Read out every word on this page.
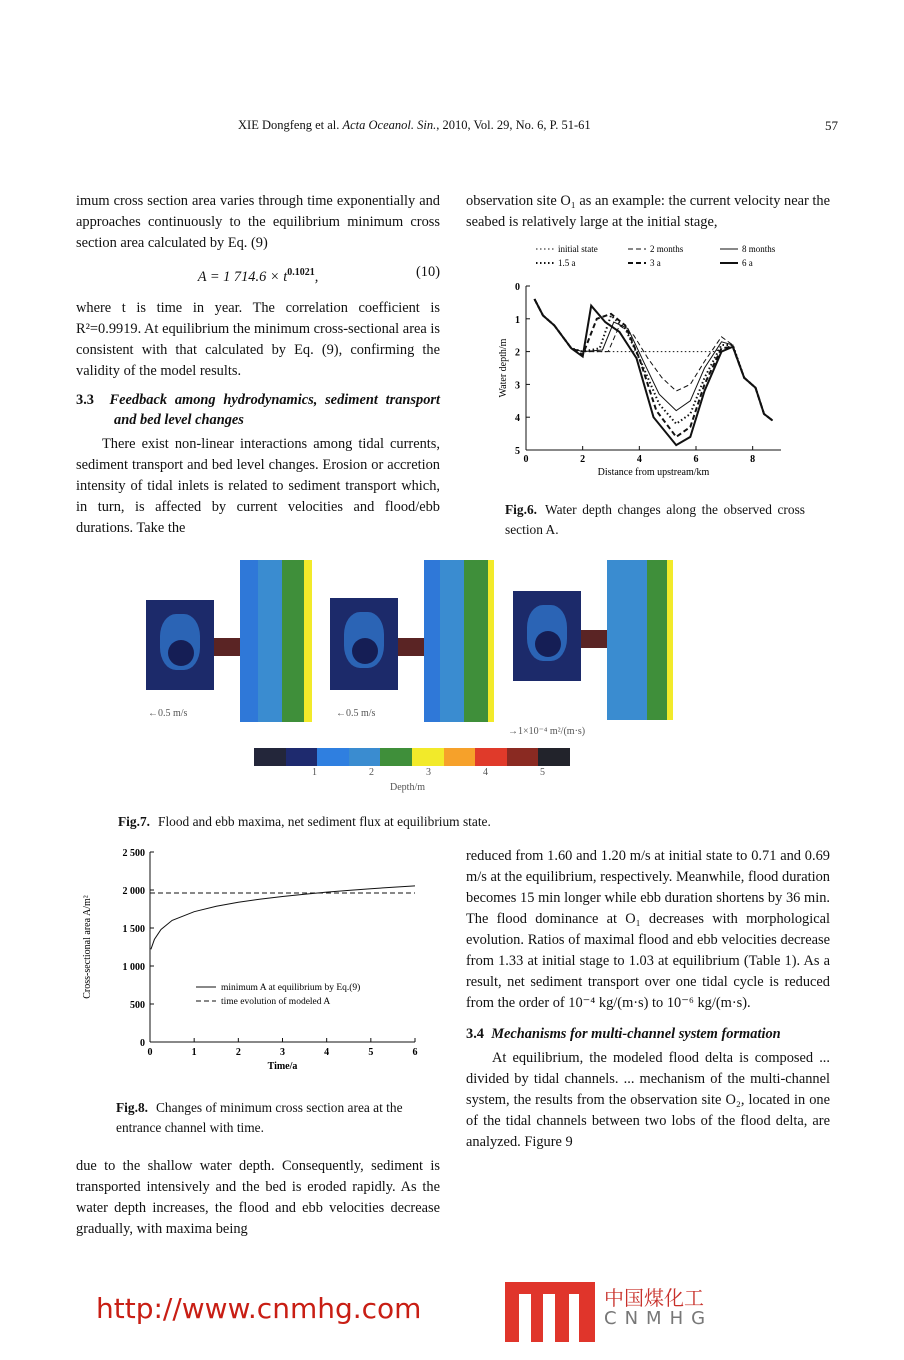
XIE Dongfeng et al. Acta Oceanol. Sin., 2010, Vol. 29, No. 6, P. 51-61	57

imum cross section area varies through time exponentially and approaches continuously to the equilibrium minimum cross section area calculated by Eq. (9)

A = 1 $714.6 \times t^{0.1021}$,	(10)

where t is time in year. The correlation coefficient is R²=0.9919. At equilibrium the minimum cross-sectional area is consistent with that calculated by Eq. (9), confirming the validity of the model results.

3.3 Feedback among hydrodynamics, sediment transport and bed level changes

There exist non-linear interactions among tidal currents, sediment transport and bed level changes. Erosion or accretion intensity of tidal inlets is related to sediment transport which, in turn, is affected by current velocities and flood/ebb durations. Take the

observation site O₁ as an example: the current velocity near the seabed is relatively large at the initial stage,

0
1
2
3
4
5
0	2	4	6	8
Distance from upstream/km
Water depth/m
initial state	2 months	8 months
1.5 a	3 a	6 a
Fig.6. Water depth changes along the observed cross section A.
←0.5 m/s	←0.5 m/s
→1×10⁻⁴ m²/(m·s)
1	2	3	4	5
Depth/m
Fig.7. Flood and ebb maxima, net sediment flux at equilibrium state.
0
500
1 000
1 500
2 000
2 500
0	1	2	3	4	5	6
Time/a
Cross-sectional area A/m²	minimum A at equilibrium by Eq.(9)
time evolution of modeled A
Fig.8. Changes of minimum cross section area at the entrance channel with time.

due to the shallow water depth. Consequently, sediment is transported intensively and the bed is eroded rapidly. As the water depth increases, the flood and ebb velocities decrease gradually, with maxima being

reduced from 1.60 and 1.20 m/s at initial state to 0.71 and 0.69 m/s at the equilibrium, respectively. Meanwhile, flood duration becomes 15 min longer while ebb duration shortens by 36 min. The flood dominance at O₁ decreases with morphological evolution. Ratios of maximal flood and ebb velocities decrease from 1.33 at initial stage to 1.03 at equilibrium (Table 1). As a result, net sediment transport over one tidal cycle is reduced from the order of 10⁻⁴ kg/(m·s) to 10⁻⁶ kg/(m·s).

3.4 Mechanisms for multi-channel system formation

At equilibrium, the modeled flood delta is composed ... divided by tidal channels. ... mechanism of the multi-channel system, the results from the observation site O₂, located in one of the tidal channels between two lobs of the flood delta, are analyzed. Figure 9

http://www.cnmhg.com	中国煤化工
CNMHG
